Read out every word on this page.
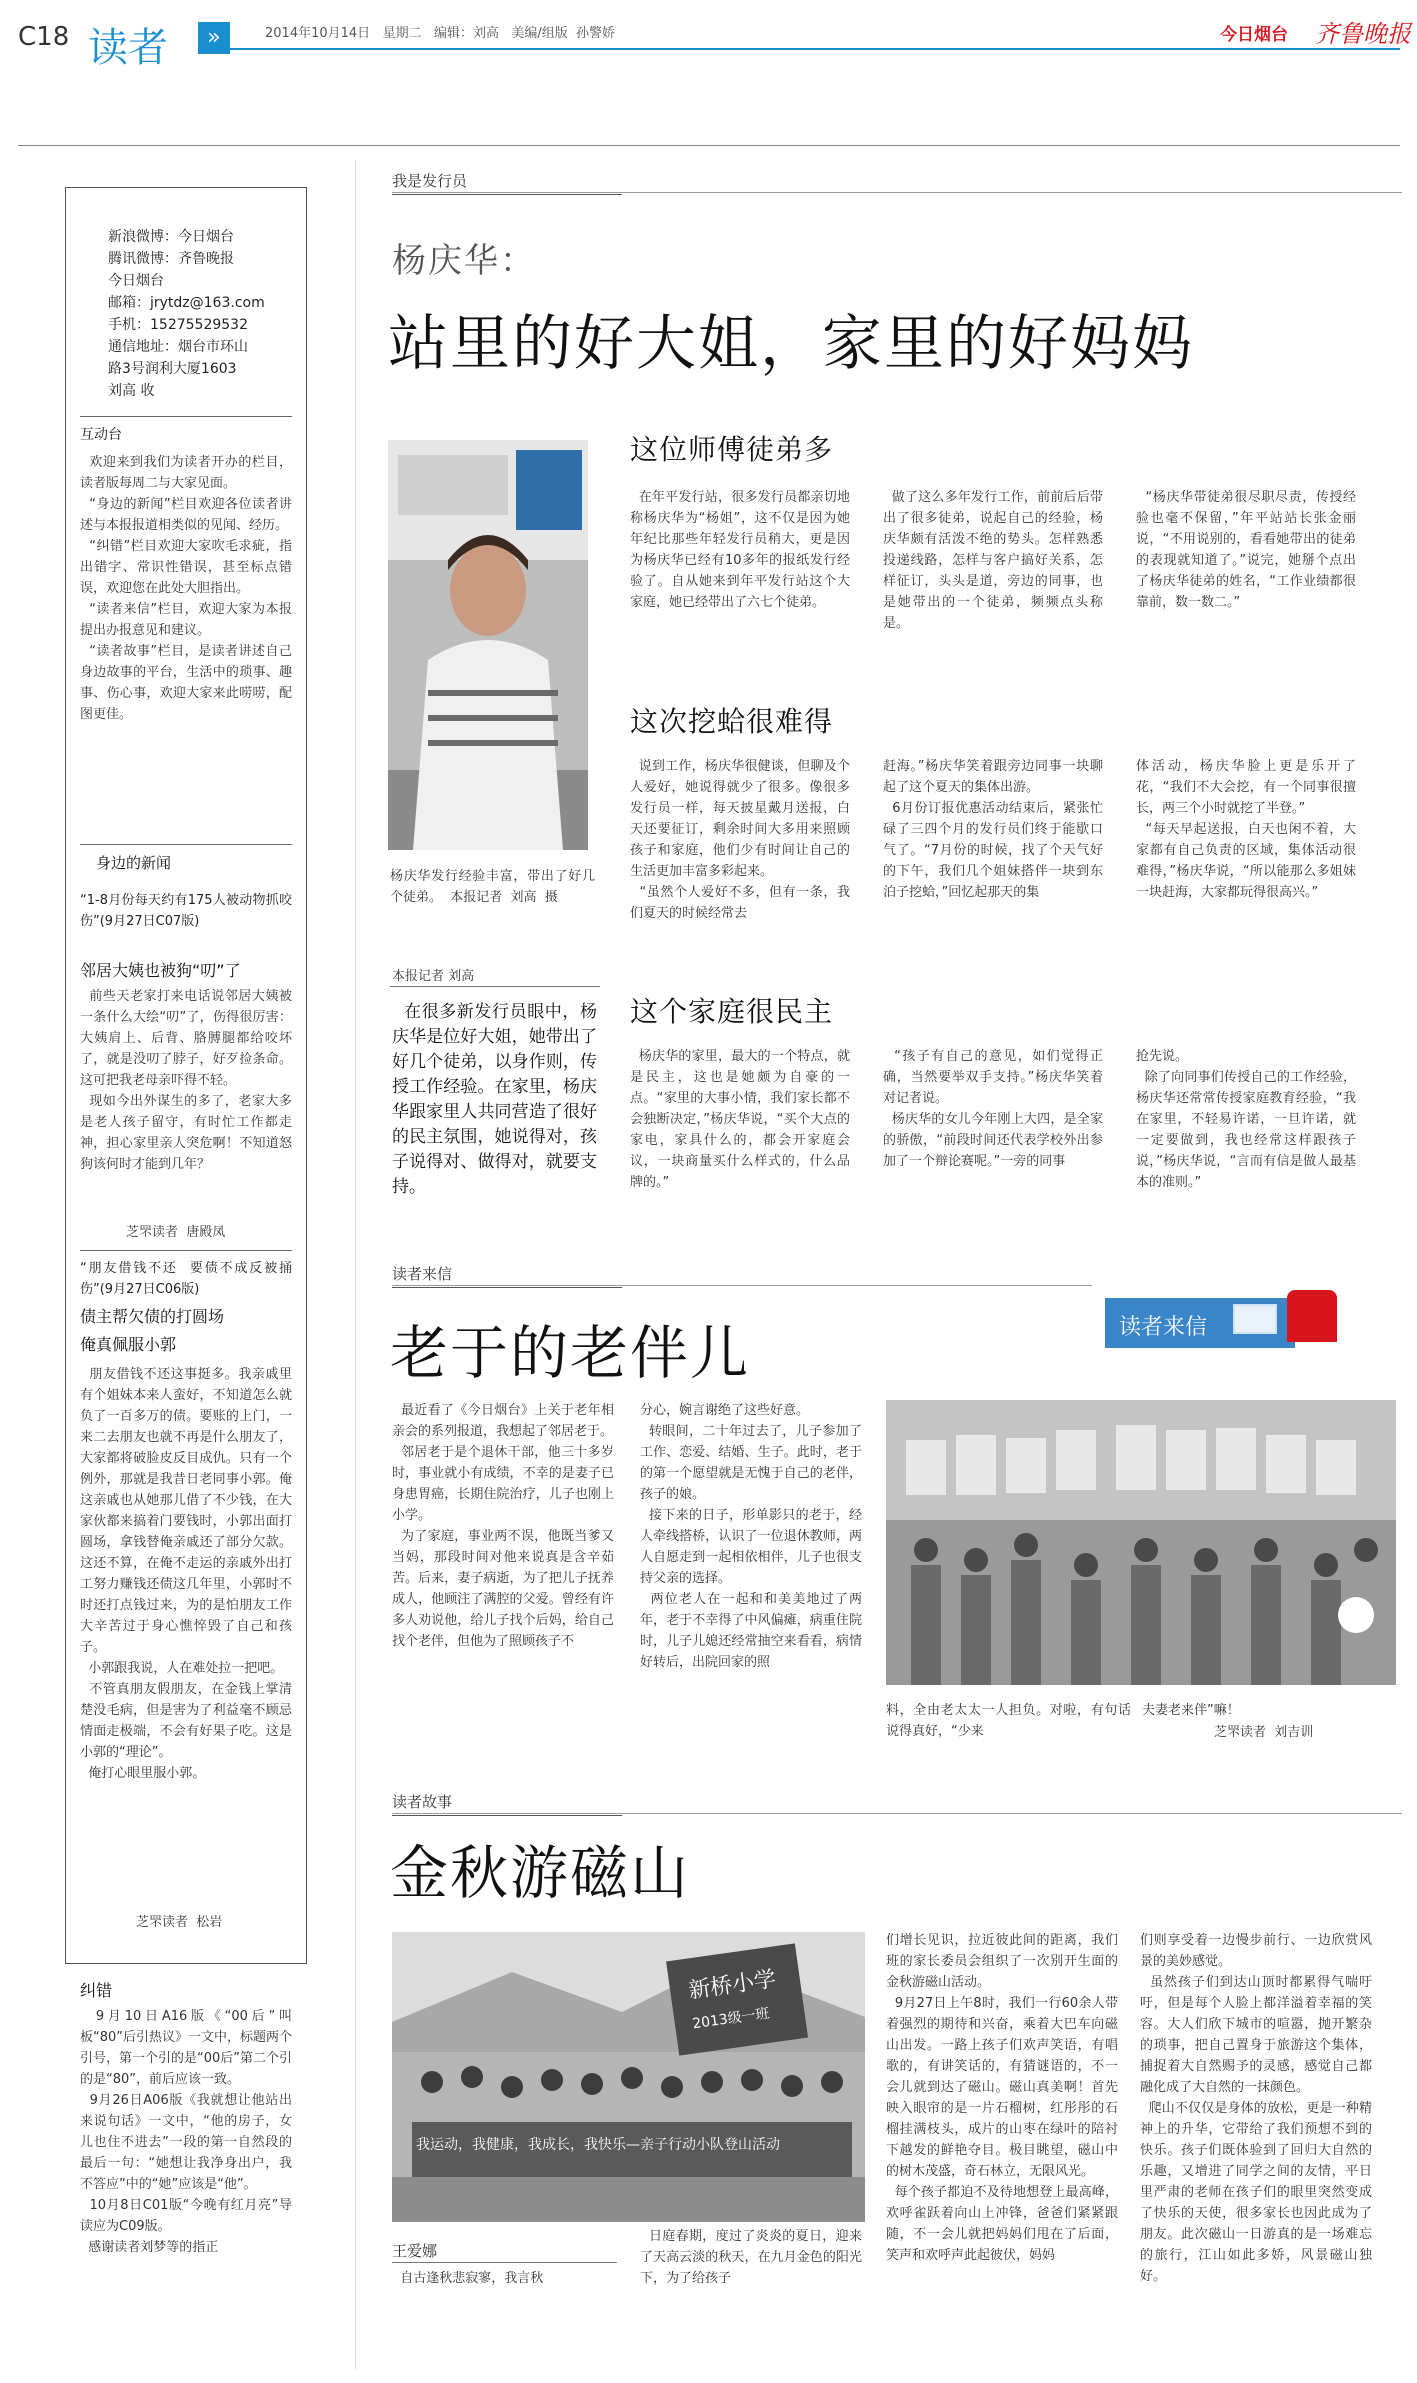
C18 读者	»	2014年10月14日   星期二   编辑：刘高   美编/组版  孙警娇	今日烟台 齐鲁晚报
新浪微博：今日烟台
腾讯微博：齐鲁晚报
今日烟台
邮箱：jrytdz@163.com
手机：15275529532
通信地址：烟台市环山
路3号润利大厦1603
刘高 收
互动台
欢迎来到我们为读者开办的栏目，读者版每周二与大家见面。
“身边的新闻”栏目欢迎各位读者讲述与本报报道相类似的见闻、经历。
“纠错”栏目欢迎大家吹毛求疵，指出错字、常识性错误，甚至标点错误，欢迎您在此处大胆指出。
“读者来信”栏目，欢迎大家为本报提出办报意见和建议。
“读者故事”栏目，是读者讲述自己身边故事的平台，生活中的琐事、趣事、伤心事，欢迎大家来此唠唠，配图更佳。
身边的新闻
“1-8月份每天约有175人被动物抓咬伤”(9月27日C07版)
邻居大姨也被狗“叨”了
前些天老家打来电话说邻居大姨被一条什么大绘“叨”了，伤得很厉害：大姨肩上、后背、胳膊腿都给咬坏了，就是没叨了脖子，好歹捡条命。这可把我老母亲吓得不轻。
现如今出外谋生的多了，老家大多是老人孩子留守，有时忙工作都走神，担心家里亲人突危啊！不知道怒狗该何时才能到几年？
芝罘读者  唐殿凤
“朋友借钱不还  要债不成反被捅伤”(9月27日C06版)
债主帮欠债的打圆场
俺真佩服小郭
朋友借钱不还这事挺多。我亲戚里有个姐妹本来人蛮好，不知道怎么就负了一百多万的债。要账的上门，一来二去朋友也就不再是什么朋友了，大家都将破脸皮反目成仇。只有一个例外，那就是我昔日老同事小郭。俺这亲戚也从她那儿借了不少钱，在大家伙都来搞着门要钱时，小郭出面打圆场，拿钱替俺亲戚还了部分欠款。这还不算，在俺不走运的亲戚外出打工努力赚钱还债这几年里，小郭时不时还打点钱过来，为的是怕朋友工作大辛苦过于身心憔悴毁了自己和孩子。
小郭跟我说，人在难处拉一把吧。
不管真朋友假朋友，在金钱上掌清楚没毛病，但是害为了利益毫不顾忌情面走极端，不会有好果子吃。这是小郭的“理论”。
俺打心眼里服小郭。
芝罘读者  松岩
纠错
9月10日A16版《“00后”叫板“80”后引热议》一文中，标题两个引号，第一个引的是“00后”第二个引的是“80”，前后应该一致。
9月26日A06版《我就想让他站出来说句话》一文中，“他的房子，女儿也住不进去”一段的第一自然段的最后一句：“她想让我净身出户，我不答应”中的“她”应该是“他”。
10月8日C01版“今晚有红月亮”导读应为C09版。
感谢读者刘梦等的指正
我是发行员
杨庆华：
站里的好大姐，家里的好妈妈
杨庆华发行经验丰富，带出了好几个徒弟。  本报记者  刘高  摄
本报记者 刘高
在很多新发行员眼中，杨庆华是位好大姐，她带出了好几个徒弟，以身作则，传授工作经验。在家里，杨庆华跟家里人共同营造了很好的民主氛围，她说得对，孩子说得对、做得对，就要支持。
这位师傅徒弟多
在年平发行站，很多发行员都亲切地称杨庆华为“杨姐”，这不仅是因为她年纪比那些年轻发行员稍大，更是因为杨庆华已经有10多年的报纸发行经验了。自从她来到年平发行站这个大家庭，她已经带出了六七个徒弟。
做了这么多年发行工作，前前后后带出了很多徒弟，说起自己的经验，杨庆华颇有活泼不绝的势头。怎样熟悉投递线路，怎样与客户搞好关系，怎样征订，头头是道，旁边的同事，也是她带出的一个徒弟，频频点头称是。
“杨庆华带徒弟很尽职尽责，传授经验也毫不保留，”年平站站长张金丽说，“不用说别的，看看她带出的徒弟的表现就知道了。”说完，她掰个点出了杨庆华徒弟的姓名，“工作业绩都很靠前，数一数二。”
这次挖蛤很难得
说到工作，杨庆华很健谈，但聊及个人爱好，她说得就少了很多。像很多发行员一样，每天披星戴月送报，白天还要征订，剩余时间大多用来照顾孩子和家庭，他们少有时间让自己的生活更加丰富多彩起来。
“虽然个人爱好不多，但有一条，我们夏天的时候经常去
赶海。”杨庆华笑着跟旁边同事一块聊起了这个夏天的集体出游。
6月份订报优惠活动结束后，紧张忙碌了三四个月的发行员们终于能歇口气了。“7月份的时候，找了个天气好的下午，我们几个姐妹搭伴一块到东泊子挖蛤，”回忆起那天的集
体活动，杨庆华脸上更是乐开了花，“我们不大会挖，有一个同事很擅长，两三个小时就挖了半登。”
“每天早起送报，白天也闲不着，大家都有自己负责的区域，集体活动很难得，”杨庆华说，“所以能那么多姐妹一块赶海，大家都玩得很高兴。”
这个家庭很民主
杨庆华的家里，最大的一个特点，就是民主，这也是她颇为自豪的一点。“家里的大事小情，我们家长都不会独断决定，”杨庆华说，“买个大点的家电，家具什么的，都会开家庭会议，一块商量买什么样式的，什么品牌的。”
“孩子有自己的意见，如们觉得正确，当然要举双手支持。”杨庆华笑着对记者说。
杨庆华的女儿今年刚上大四，是全家的骄傲，“前段时间还代表学校外出参加了一个辩论赛呢。”一旁的同事
抢先说。
除了向同事们传授自己的工作经验，杨庆华还常常传授家庭教育经验，“我在家里，不轻易许诺，一旦许诺，就一定要做到，我也经常这样跟孩子说，”杨庆华说，“言而有信是做人最基本的准则。”
读者来信
读者来信
老于的老伴儿
最近看了《今日烟台》上关于老年相亲会的系列报道，我想起了邻居老于。
邻居老于是个退休干部，他三十多岁时，事业就小有成绩，不幸的是妻子已身患胃癌，长期住院治疗，儿子也刚上小学。
为了家庭，事业两不误，他既当爹又当妈，那段时间对他来说真是含辛茹苦。后来，妻子病逝，为了把儿子抚养成人，他顾注了满腔的父爱。曾经有许多人劝说他，给儿子找个后妈，给自己找个老伴，但他为了照顾孩子不
分心，婉言谢绝了这些好意。
转眼间，二十年过去了，儿子参加了工作、恋爱、结婚、生子。此时，老于的第一个愿望就是无愧于自己的老伴，孩子的娘。
接下来的日子，形单影只的老于，经人牵线搭桥，认识了一位退休教师，两人自愿走到一起相依相伴，儿子也很支持父亲的选择。
两位老人在一起和和美美地过了两年，老于不幸得了中风偏瘫，病重住院时，儿子儿媳还经常抽空来看看，病情好转后，出院回家的照
料，全由老太太一人担负。对啦，有句话说得真好，“少来
夫妻老来伴”嘛！
芝罘读者  刘吉训
读者故事
金秋游磁山
新桥小学
2013级一班
我运动，我健康，我成长，我快乐—亲子行动小队登山活动
王爱娜
自古逢秋悲寂寥，我言秋
日庭春期，度过了炎炎的夏日，迎来了天高云淡的秋天，在九月金色的阳光下，为了给孩子
们增长见识，拉近彼此间的距离，我们班的家长委员会组织了一次别开生面的金秋游磁山活动。
9月27日上午8时，我们一行60余人带着强烈的期待和兴奋，乘着大巴车向磁山出发。一路上孩子们欢声笑语，有唱歌的，有讲笑话的，有猜谜语的，不一会儿就到达了磁山。磁山真美啊！首先映入眼帘的是一片石榴树，红彤彤的石榴挂满枝头，成片的山枣在绿叶的陪衬下越发的鲜艳夺目。极目眺望，磁山中的树木茂盛，奇石林立，无限风光。
每个孩子都迫不及待地想登上最高峰，欢呼雀跃着向山上冲锋，爸爸们紧紧跟随，不一会儿就把妈妈们甩在了后面，笑声和欢呼声此起彼伏，妈妈
们则享受着一边慢步前行、一边欣赏风景的美妙感觉。
虽然孩子们到达山顶时都累得气喘吁吁，但是每个人脸上都洋溢着幸福的笑容。大人们欣下城市的喧嚣，抛开繁杂的琐事，把自己置身于旅游这个集体，捕捉着大自然赐予的灵感，感觉自己都融化成了大自然的一抹颜色。
爬山不仅仅是身体的放松，更是一种精神上的升华，它带给了我们预想不到的快乐。孩子们既体验到了回归大自然的乐趣，又增进了同学之间的友情，平日里严肃的老师在孩子们的眼里突然变成了快乐的天使，很多家长也因此成为了朋友。此次磁山一日游真的是一场难忘的旅行，江山如此多娇，风景磁山独好。
